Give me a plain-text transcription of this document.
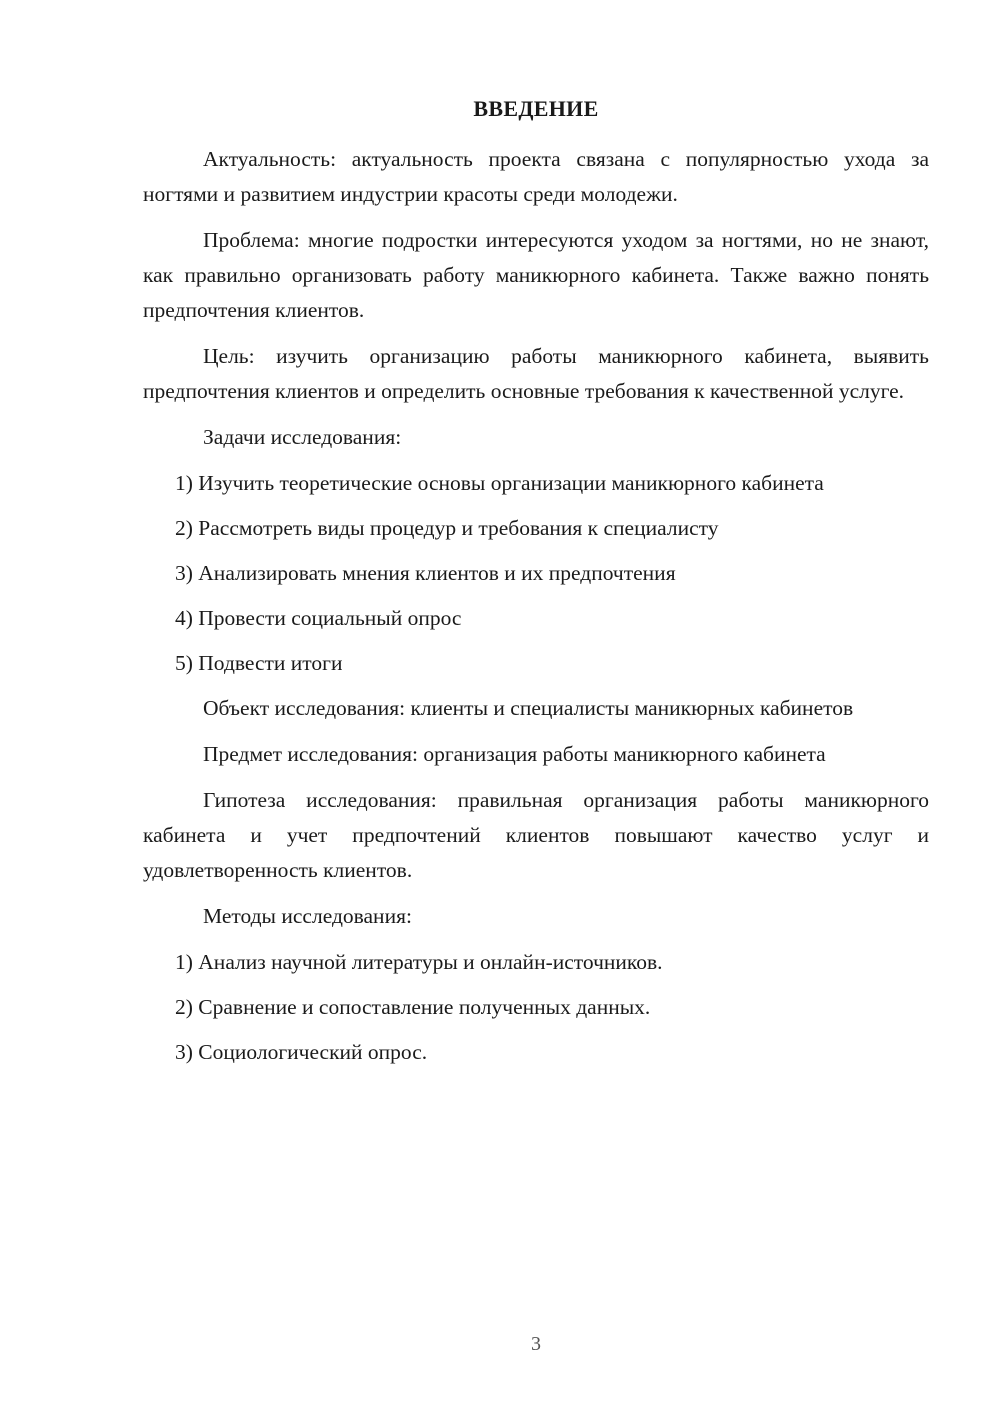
ВВЕДЕНИЕ

Актуальность: актуальность проекта связана с популярностью ухода за ногтями и развитием индустрии красоты среди молодежи.

Проблема: многие подростки интересуются уходом за ногтями, но не знают, как правильно организовать работу маникюрного кабинета. Также важно понять предпочтения клиентов.

Цель: изучить организацию работы маникюрного кабинета, выявить предпочтения клиентов и определить основные требования к качественной услуге.

Задачи исследования:

1) Изучить теоретические основы организации маникюрного кабинета

2) Рассмотреть виды процедур и требования к специалисту

3) Анализировать мнения клиентов и их предпочтения

4) Провести социальный опрос

5) Подвести итоги

Объект исследования: клиенты и специалисты маникюрных кабинетов

Предмет исследования: организация работы маникюрного кабинета

Гипотеза исследования: правильная организация работы маникюрного кабинета и учет предпочтений клиентов повышают качество услуг и удовлетворенность клиентов.

Методы исследования:

1) Анализ научной литературы и онлайн-источников.

2) Сравнение и сопоставление полученных данных.

3) Социологический опрос.

3
